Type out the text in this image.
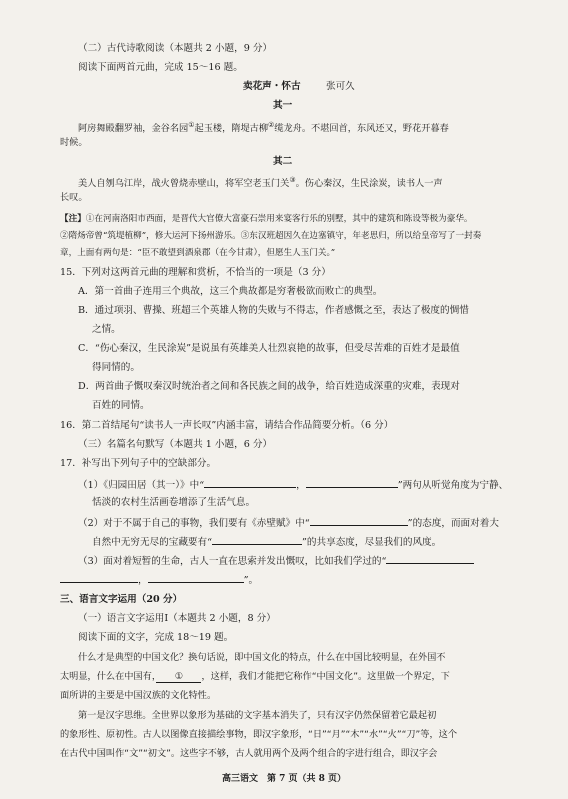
（二）古代诗歌阅读（本题共 2 小题，9 分）
阅读下面两首元曲，完成 15～16 题。
卖花声・怀古	张可久
其一
阿房舞殿翻罗袖，金谷名园①起玉楼，隋堤古柳②缆龙舟。不堪回首，东风还又，野花开暮春
时候。
其二
美人自刎乌江岸，战火曾烧赤壁山，将军空老玉门关③。伤心秦汉，生民涂炭，读书人一声
长叹。
【注】①在河南洛阳市西面，是晋代大官僚大富豪石崇用来宴客行乐的别墅，其中的建筑和陈设等极为豪华。
②隋炀帝曾“筑堤植柳”，修大运河下扬州游乐。③东汉班超因久在边塞镇守，年老思归，所以给皇帝写了一封奏
章，上面有两句是：“臣不敢望到酒泉郡（在今甘肃），但愿生人玉门关。”
15．下列对这两首元曲的理解和赏析，不恰当的一项是（3 分）
A．第一首曲子连用三个典故，这三个典故都是穷奢极欲而败亡的典型。
B．通过项羽、曹操、班超三个英雄人物的失败与不得志，作者感慨之至，表达了极度的惆惜
之情。
C．“伤心秦汉，生民涂炭”是说虽有英雄美人壮烈哀艳的故事，但受尽苦难的百姓才是最值
得同情的。
D．两首曲子慨叹秦汉时统治者之间和各民族之间的战争，给百姓造成深重的灾难，表现对
百姓的同情。
16．第二首结尾句“读书人一声长叹”内涵丰富，请结合作品简要分析。（6 分）
（三）名篇名句默写（本题共 1 小题，6 分）
17．补写出下列句子中的空缺部分。
（1）《归园田居（其一）》中“	，	”两句从听觉角度为宁静、
恬淡的农村生活画卷增添了生活气息。
（2）对于不属于自己的事物，我们要有《赤壁赋》中“	”的态度，而面对着大
自然中无穷无尽的宝藏要有“	”的共享态度，尽显我们的风度。
（3）面对着短暂的生命，古人一直在思索并发出慨叹，比如我们学过的“
，	”。
三、语言文字运用（20 分）
（一）语言文字运用Ⅰ（本题共 2 小题，8 分）
阅读下面的文字，完成 18～19 题。
什么才是典型的中国文化？换句话说，即中国文化的特点，什么在中国比较明显，在外国不
太明显，什么在中国有，　　 ①　　 ，这样，我们才能把它称作“中国文化”。这里做一个界定，下
面所讲的主要是中国汉族的文化特性。
第一是汉字思维。全世界以象形为基础的文字基本消失了，只有汉字仍然保留着它最起初
的象形性、原初性。古人以图像直接描绘事物，即汉字象形，“日”“月”“木”“水”“火”“刀”等，这个
在古代中国叫作“文”“初文”。这些字不够，古人就用两个及两个组合的字进行组合，即汉字会
高三语文　第 7 页（共 8 页）
